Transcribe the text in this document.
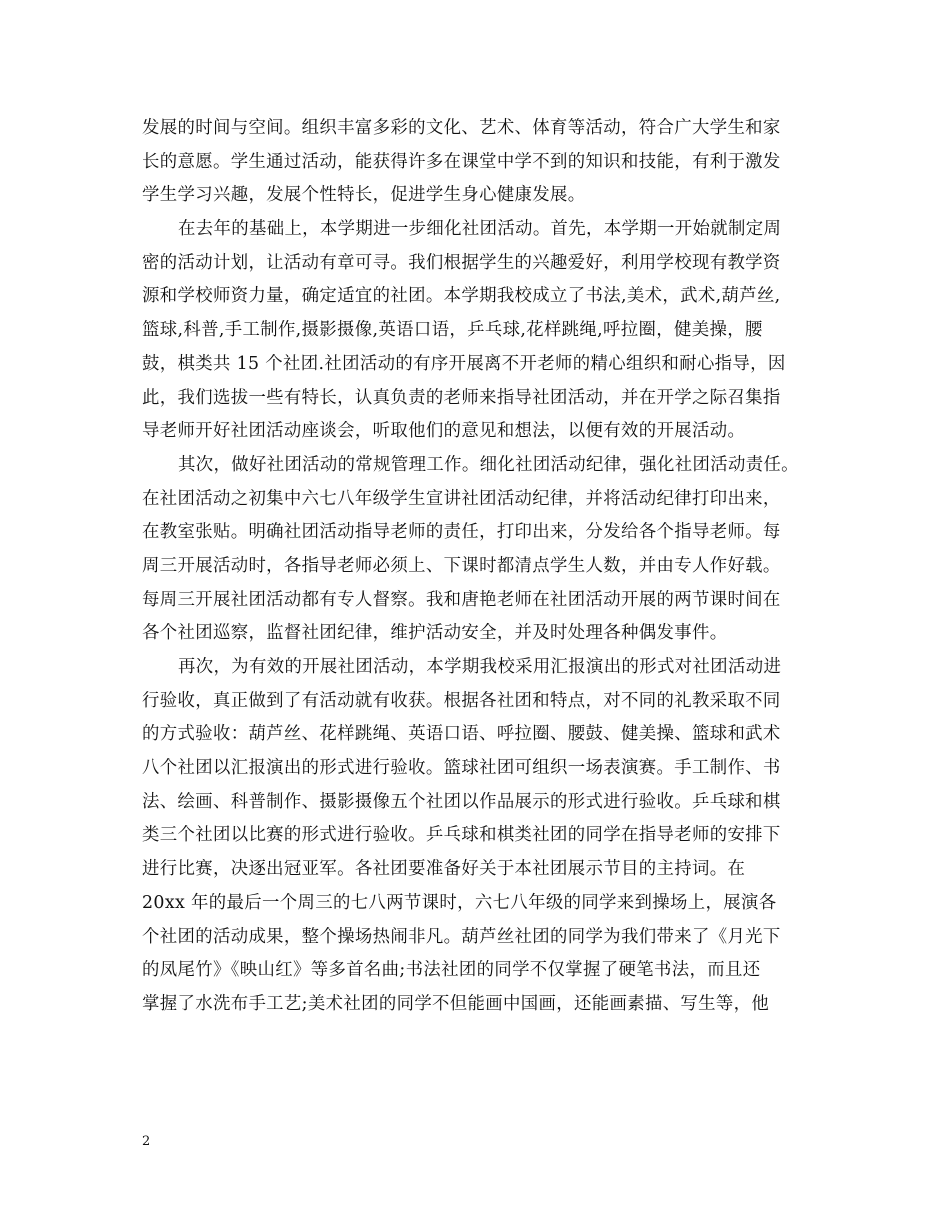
发展的时间与空间。组织丰富多彩的文化、艺术、体育等活动，符合广大学生和家
长的意愿。学生通过活动，能获得许多在课堂中学不到的知识和技能，有利于激发
学生学习兴趣，发展个性特长，促进学生身心健康发展。
在去年的基础上，本学期进一步细化社团活动。首先，本学期一开始就制定周
密的活动计划，让活动有章可寻。我们根据学生的兴趣爱好，利用学校现有教学资
源和学校师资力量，确定适宜的社团。本学期我校成立了书法,美术，武术,葫芦丝,
篮球,科普,手工制作,摄影摄像,英语口语，乒乓球,花样跳绳,呼拉圈，健美操，腰
鼓，棋类共 15 个社团.社团活动的有序开展离不开老师的精心组织和耐心指导，因
此，我们选拔一些有特长，认真负责的老师来指导社团活动，并在开学之际召集指
导老师开好社团活动座谈会，听取他们的意见和想法，以便有效的开展活动。
其次，做好社团活动的常规管理工作。细化社团活动纪律，强化社团活动责任。
在社团活动之初集中六七八年级学生宣讲社团活动纪律，并将活动纪律打印出来，
在教室张贴。明确社团活动指导老师的责任，打印出来，分发给各个指导老师。每
周三开展活动时，各指导老师必须上、下课时都清点学生人数，并由专人作好载。
每周三开展社团活动都有专人督察。我和唐艳老师在社团活动开展的两节课时间在
各个社团巡察，监督社团纪律，维护活动安全，并及时处理各种偶发事件。
再次，为有效的开展社团活动，本学期我校采用汇报演出的形式对社团活动进
行验收，真正做到了有活动就有收获。根据各社团和特点，对不同的礼教采取不同
的方式验收：葫芦丝、花样跳绳、英语口语、呼拉圈、腰鼓、健美操、篮球和武术
八个社团以汇报演出的形式进行验收。篮球社团可组织一场表演赛。手工制作、书
法、绘画、科普制作、摄影摄像五个社团以作品展示的形式进行验收。乒乓球和棋
类三个社团以比赛的形式进行验收。乒乓球和棋类社团的同学在指导老师的安排下
进行比赛，决逐出冠亚军。各社团要准备好关于本社团展示节目的主持词。在
20xx 年的最后一个周三的七八两节课时，六七八年级的同学来到操场上，展演各
个社团的活动成果，整个操场热闹非凡。葫芦丝社团的同学为我们带来了《月光下
的凤尾竹》《映山红》等多首名曲;书法社团的同学不仅掌握了硬笔书法，而且还
掌握了水洗布手工艺;美术社团的同学不但能画中国画，还能画素描、写生等，他
2
